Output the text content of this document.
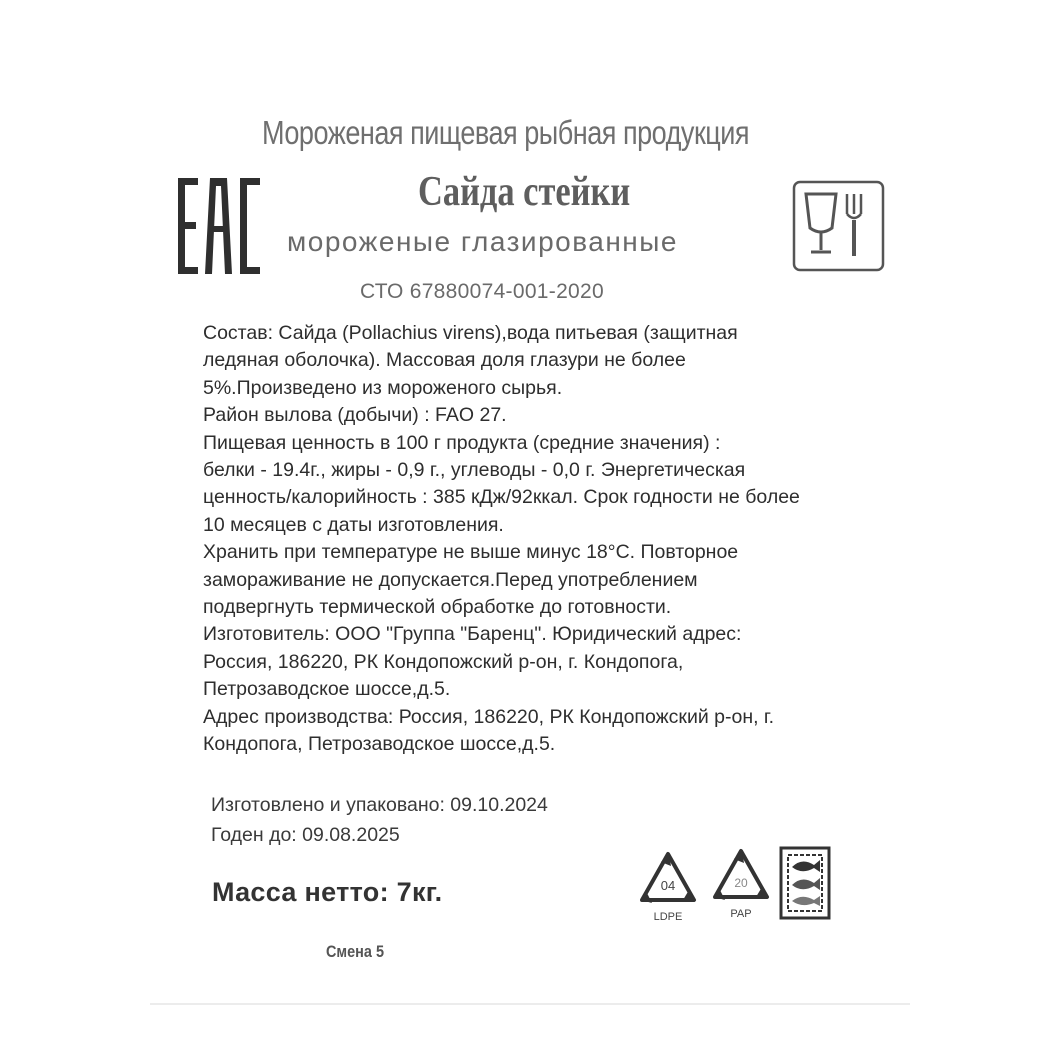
Мороженая пищевая рыбная продукция
Сайда стейки
мороженые глазированные
СТО 67880074-001-2020
Состав: Сайда (Pollachius virens),вода питьевая (защитная
ледяная оболочка). Массовая доля глазури не более
5%.Произведено из мороженого сырья.
Район вылова (добычи) : FAO 27.
Пищевая ценность в 100 г продукта (средние значения) :
белки - 19.4г., жиры - 0,9 г., углеводы - 0,0 г. Энергетическая
ценность/калорийность : 385 кДж/92ккал. Срок годности не более
10 месяцев с даты изготовления.
Хранить при температуре не выше минус 18°С. Повторное
замораживание не допускается.Перед употреблением
подвергнуть термической обработке до готовности.
Изготовитель: ООО "Группа "Баренц". Юридический адрес:
Россия, 186220, РК Кондопожский р-он, г. Кондопога,
Петрозаводское шоссе,д.5.
Адрес производства: Россия, 186220, РК Кондопожский р-он, г.
Кондопога, Петрозаводское шоссе,д.5.
Изготовлено и упаковано: 09.10.2024
Годен до: 09.08.2025
Масса нетто: 7кг.
Смена 5
04
LDPE
20
PAP
